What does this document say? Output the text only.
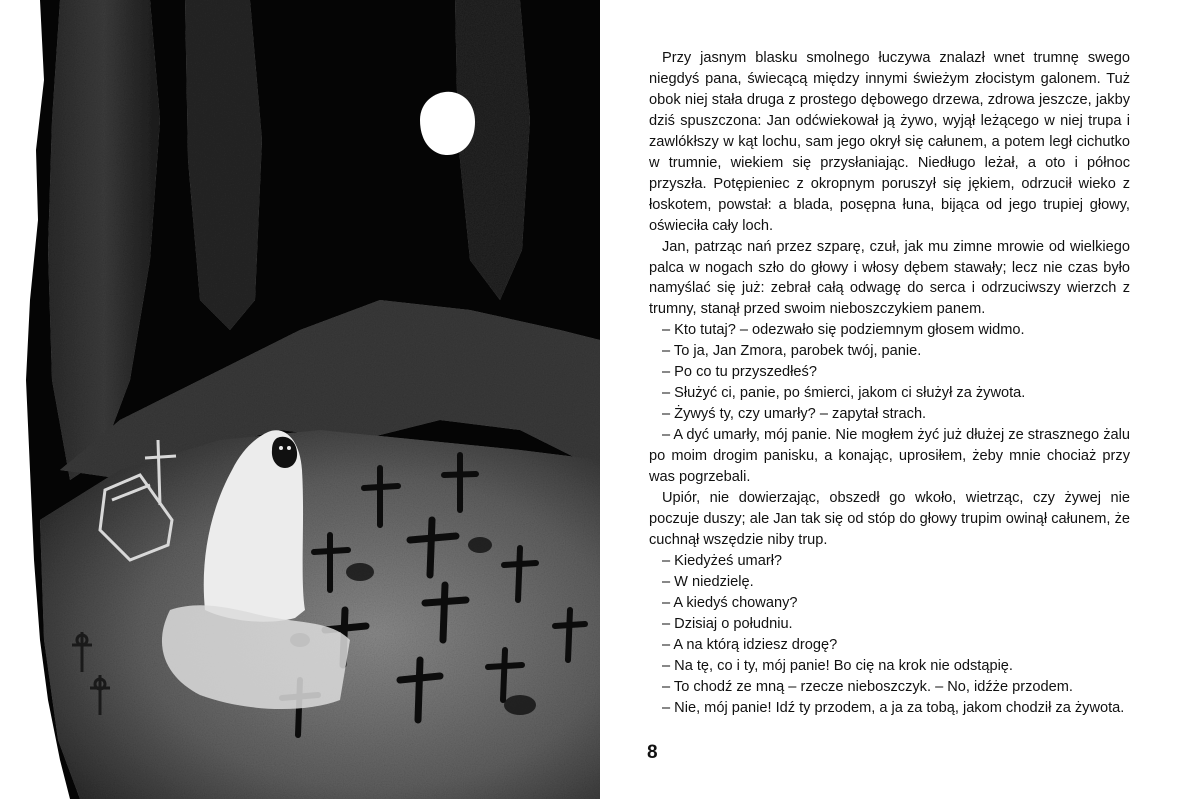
Przy jasnym blasku smolnego łuczywa znalazł wnet trumnę swego niegdyś pana, świecącą między innymi świeżym złocistym galonem. Tuż obok niej stała druga z prostego dębowego drzewa, zdrowa jeszcze, jakby dziś spuszczona: Jan odćwiekował ją żywo, wyjął leżącego w niej trupa i zawlókłszy w kąt lochu, sam jego okrył się całunem, a potem legł cichutko w trumnie, wiekiem się przysłaniając. Niedługo leżał, a oto i północ przyszła. Potępieniec z okropnym poruszył się jękiem, odrzucił wieko z łoskotem, powstał: a blada, posępna łuna, bijąca od jego trupiej głowy, oświeciła cały loch.

Jan, patrząc nań przez szparę, czuł, jak mu zimne mrowie od wielkiego palca w nogach szło do głowy i włosy dębem stawały; lecz nie czas było namyślać się już: zebrał całą odwagę do serca i odrzuciwszy wierzch z trumny, stanął przed swoim nieboszczykiem panem.

– Kto tutaj? – odezwało się podziemnym głosem widmo.

– To ja, Jan Zmora, parobek twój, panie.

– Po co tu przyszedłeś?

– Służyć ci, panie, po śmierci, jakom ci służył za żywota.

– Żywyś ty, czy umarły? – zapytał strach.

– A dyć umarły, mój panie. Nie mogłem żyć już dłużej ze strasznego żalu po moim drogim panisku, a konając, uprosiłem, żeby mnie chociaż przy was pogrzebali.

Upiór, nie dowierzając, obszedł go wkoło, wietrząc, czy żywej nie poczuje duszy; ale Jan tak się od stóp do głowy trupim owinął całunem, że cuchnął wszędzie niby trup.

– Kiedyżeś umarł?

– W niedzielę.

– A kiedyś chowany?

– Dzisiaj o południu.

– A na którą idziesz drogę?

– Na tę, co i ty, mój panie! Bo cię na krok nie odstąpię.

– To chodź ze mną – rzecze nieboszczyk. – No, idźże przodem.

– Nie, mój panie! Idź ty przodem, a ja za tobą, jakom chodził za żywota.

8
